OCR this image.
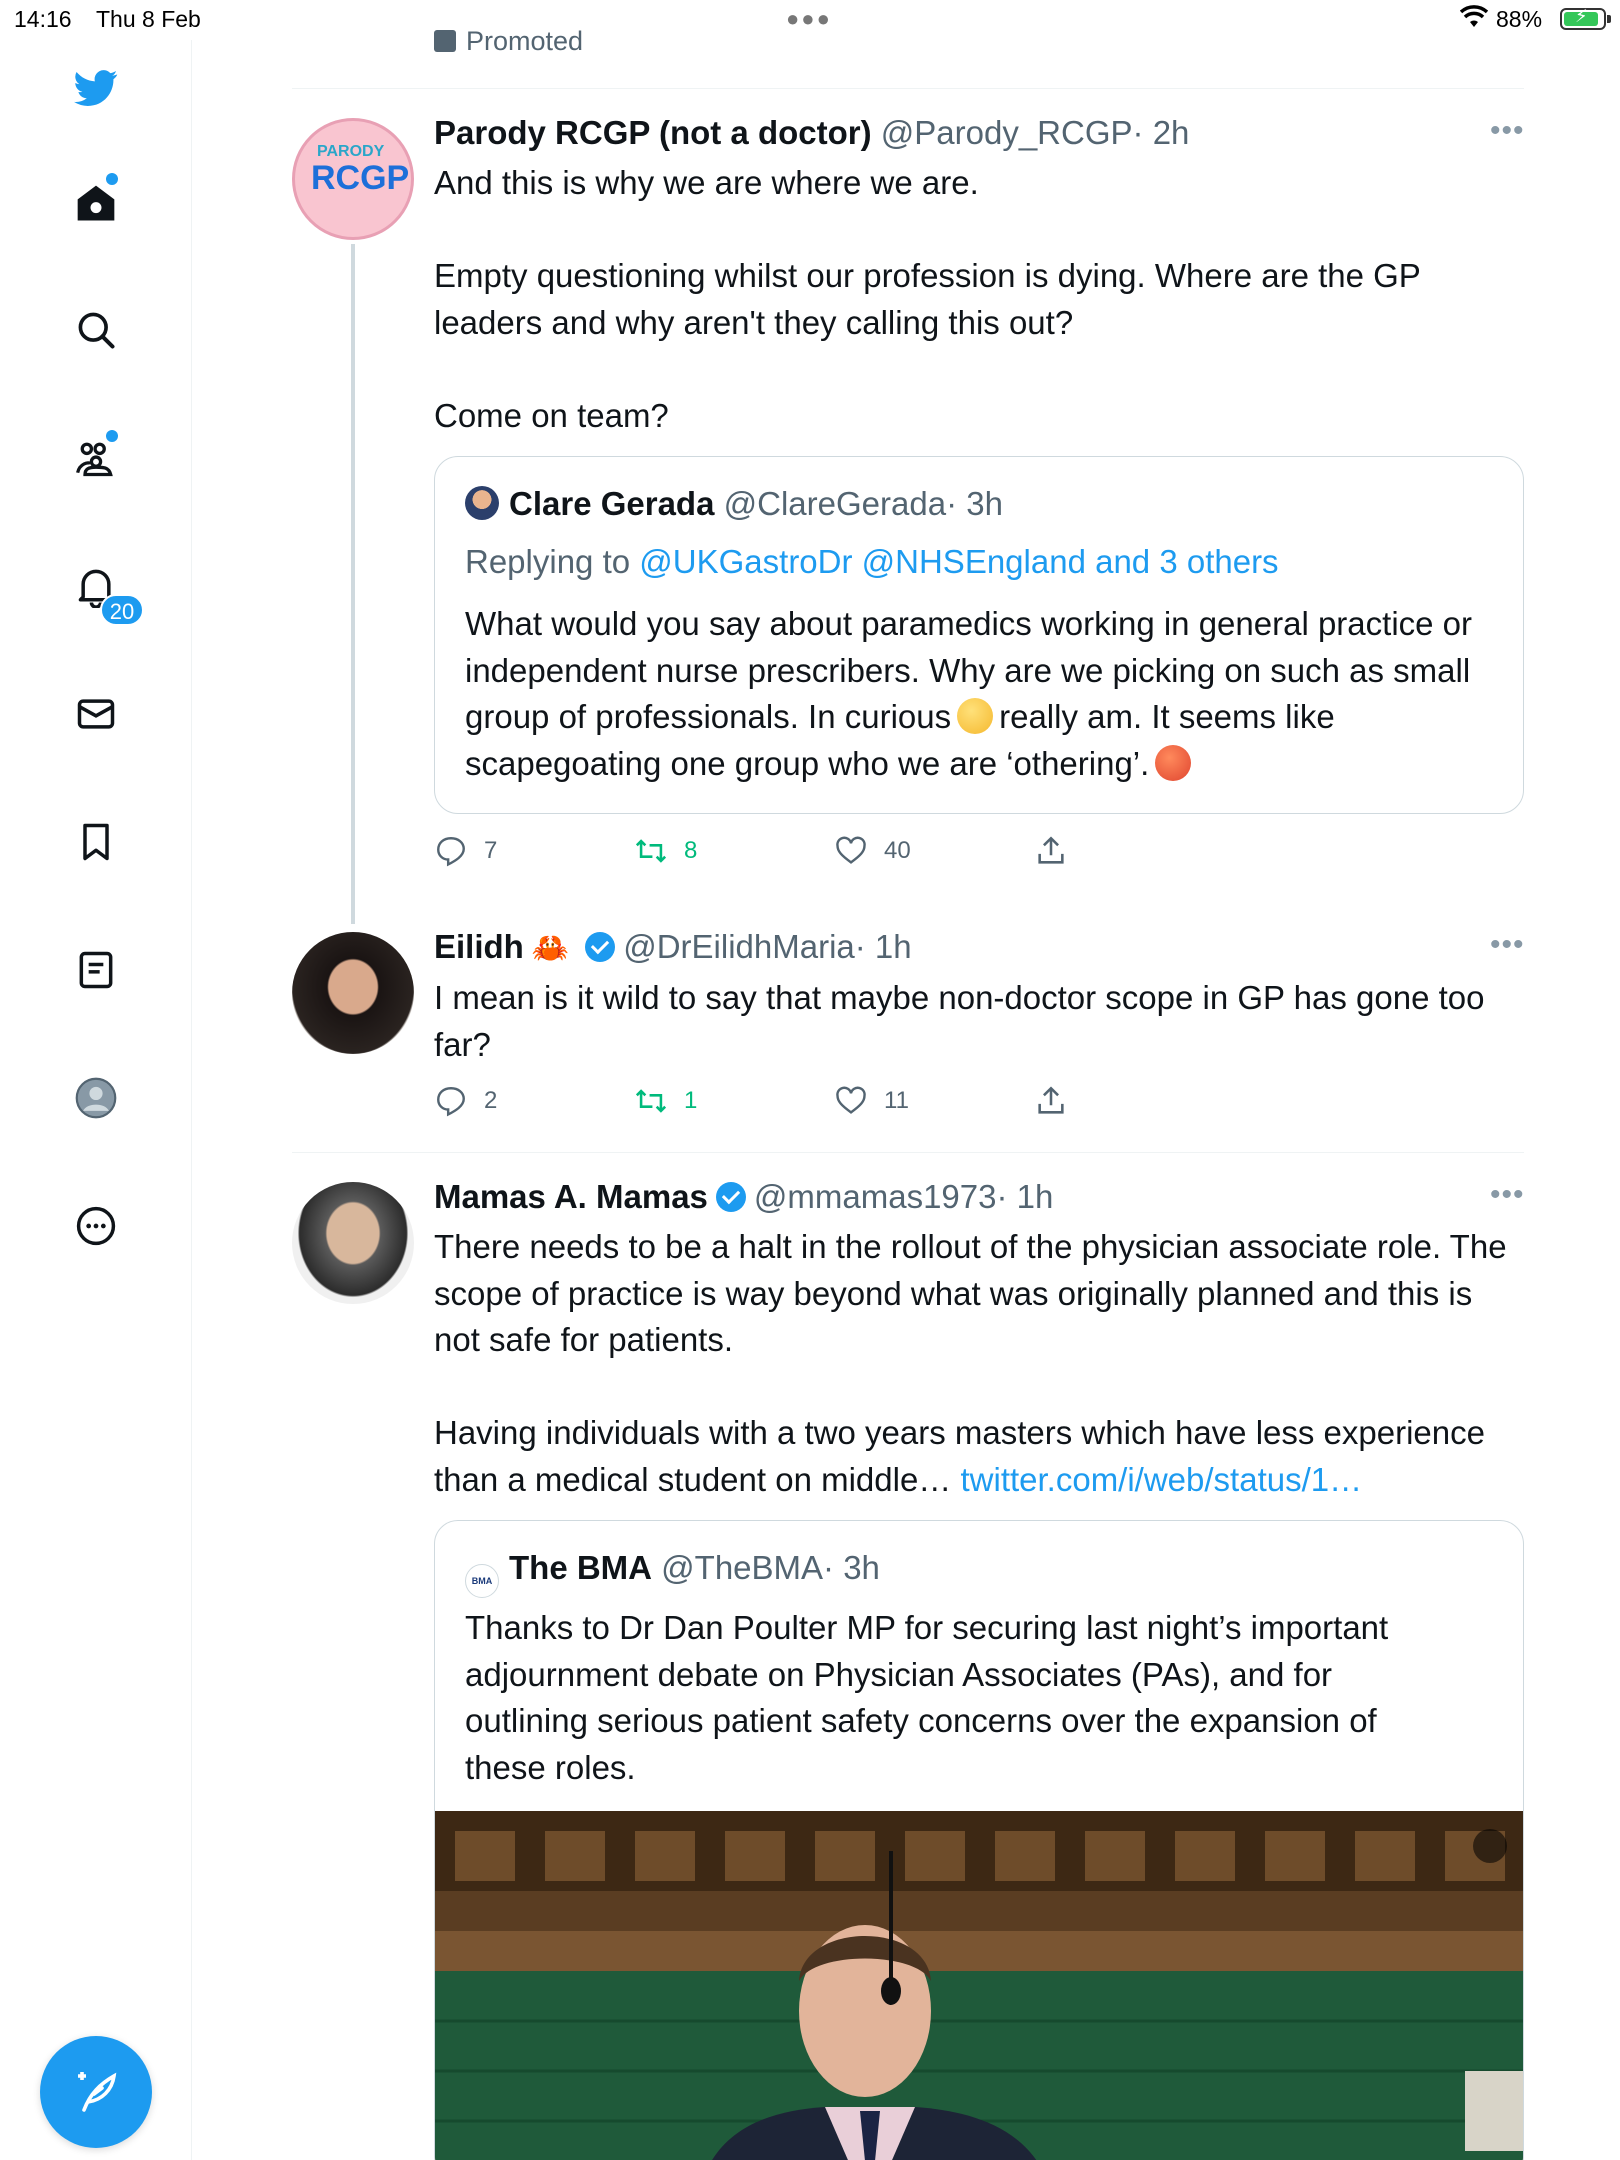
14:16 Thu 8 Feb	●●●	88% ⚡
20
Promoted
PARODY
RCGP
Parody RCGP (not a doctor) @Parody_RCGP· 2h	•••
And this is why we are where we are.
Empty questioning whilst our profession is dying. Where are the GP leaders and why aren't they calling this out?
Come on team?
Clare Gerada @ClareGerada· 3h
Replying to @UKGastroDr @NHSEngland and 3 others
What would you say about paramedics working in general practice or independent nurse prescribers. Why are we picking on such as small group of professionals. In curious really am. It seems like scapegoating one group who we are ‘othering’.
7	8	40
Eilidh 🦀 @DrEilidhMaria· 1h	•••
I mean is it wild to say that maybe non-doctor scope in GP has gone too far?
2	1	11
Mamas A. Mamas @mmamas1973· 1h	•••
There needs to be a halt in the rollout of the physician associate role. The scope of practice is way beyond what was originally planned and this is not safe for patients.
Having individuals with a two years masters which have less experience than a medical student on middle… twitter.com/i/web/status/1…
BMA The BMA @TheBMA· 3h
Thanks to Dr Dan Poulter MP for securing last night’s important adjournment debate on Physician Associates (PAs), and for outlining serious patient safety concerns over the expansion of these roles.
